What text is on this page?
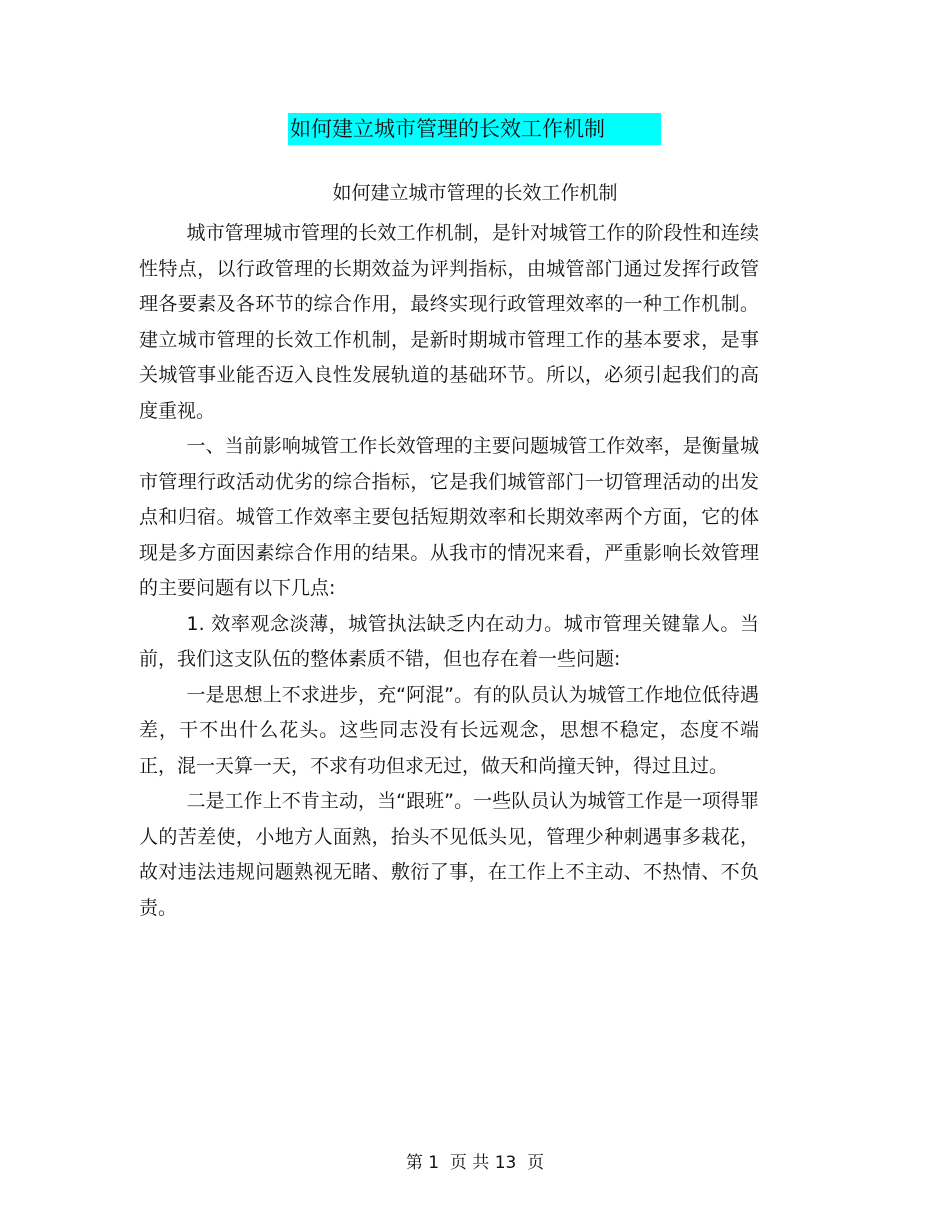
如何建立城市管理的长效工作机制
如何建立城市管理的长效工作机制

城市管理城市管理的长效工作机制，是针对城管工作的阶段性和连续性特点，以行政管理的长期效益为评判指标，由城管部门通过发挥行政管理各要素及各环节的综合作用，最终实现行政管理效率的一种工作机制。建立城市管理的长效工作机制，是新时期城市管理工作的基本要求，是事关城管事业能否迈入良性发展轨道的基础环节。所以，必须引起我们的高度重视。

一、当前影响城管工作长效管理的主要问题城管工作效率，是衡量城市管理行政活动优劣的综合指标，它是我们城管部门一切管理活动的出发点和归宿。城管工作效率主要包括短期效率和长期效率两个方面，它的体现是多方面因素综合作用的结果。从我市的情况来看，严重影响长效管理的主要问题有以下几点:

1. 效率观念淡薄，城管执法缺乏内在动力。城市管理关键靠人。当前，我们这支队伍的整体素质不错，但也存在着一些问题:

一是思想上不求进步，充“阿混”。有的队员认为城管工作地位低待遇差，干不出什么花头。这些同志没有长远观念，思想不稳定，态度不端正，混一天算一天，不求有功但求无过，做天和尚撞天钟，得过且过。

二是工作上不肯主动，当“跟班”。一些队员认为城管工作是一项得罪人的苦差使，小地方人面熟，抬头不见低头见，管理少种刺遇事多栽花，故对违法违规问题熟视无睹、敷衍了事，在工作上不主动、不热情、不负责。

第 1  页 共 13  页
